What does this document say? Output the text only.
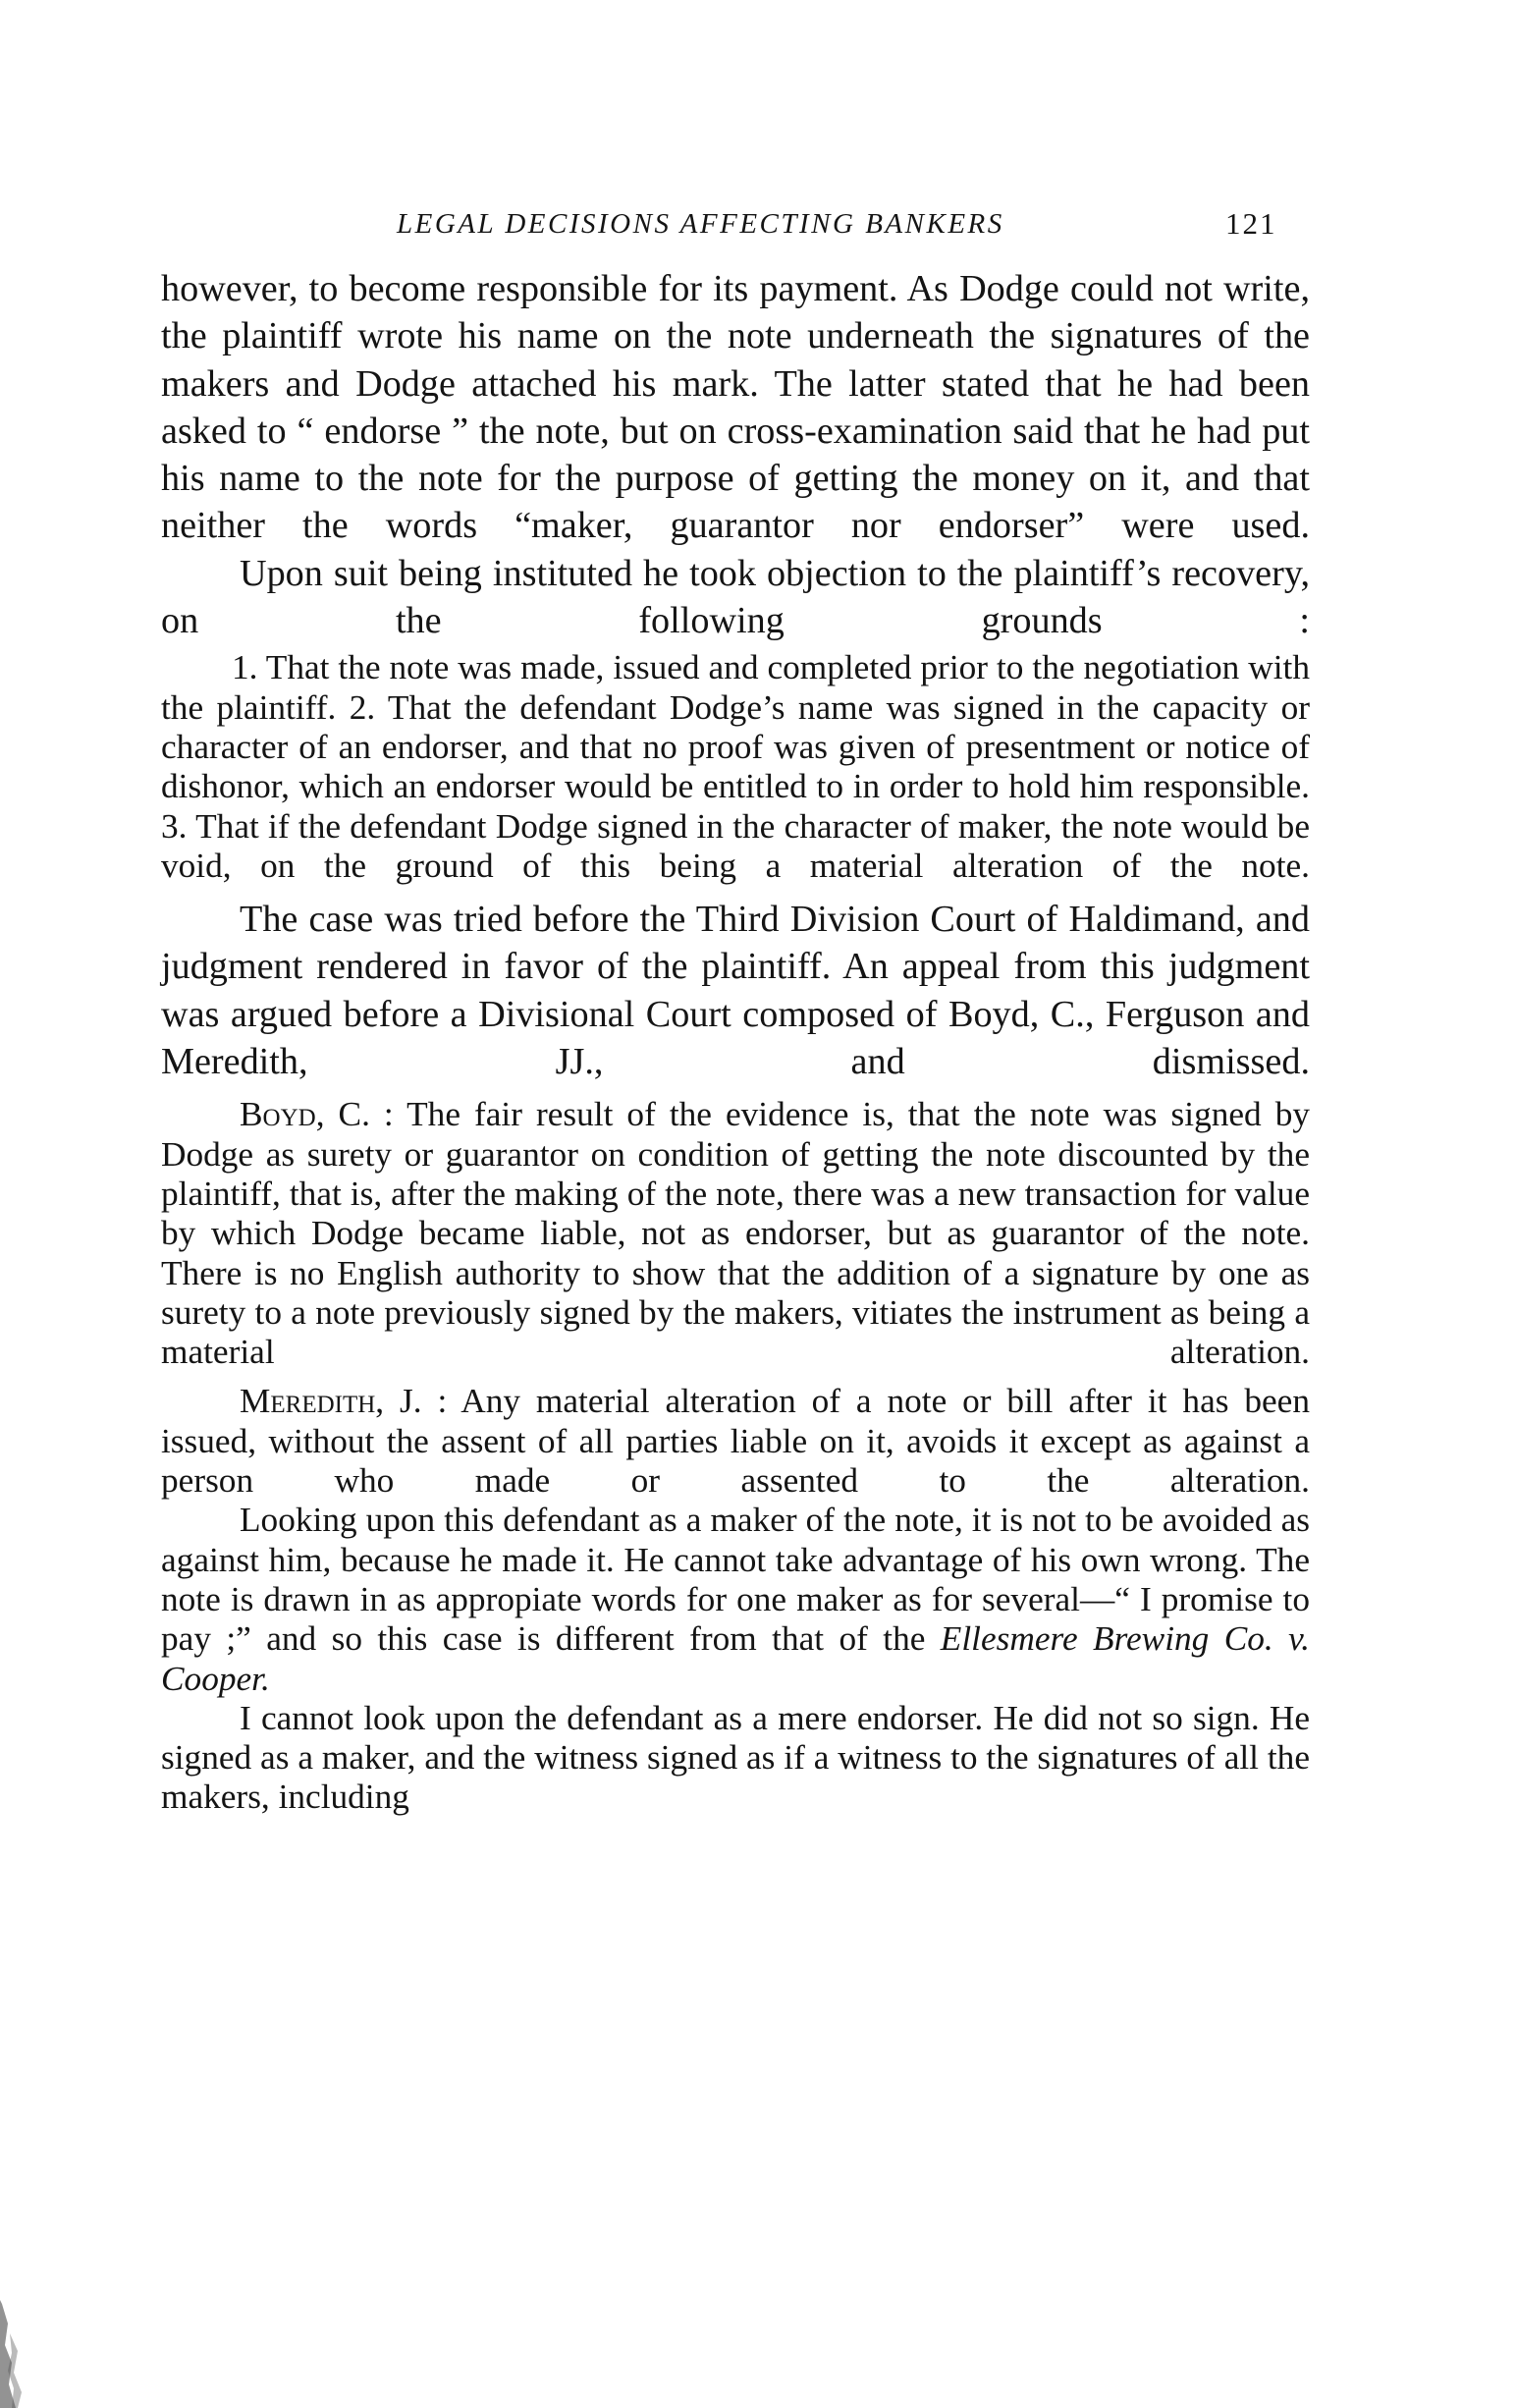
LEGAL DECISIONS AFFECTING BANKERS	121

however, to become responsible for its payment. As Dodge could not write, the plaintiff wrote his name on the note underneath the signatures of the makers and Dodge attached his mark. The latter stated that he had been asked to “ endorse ” the note, but on cross-examination said that he had put his name to the note for the purpose of getting the money on it, and that neither the words “maker, guarantor nor endorser” were used.

Upon suit being instituted he took objection to the plaintiff’s recovery, on the following grounds :

1. That the note was made, issued and completed prior to the negotiation with the plaintiff. 2. That the defendant Dodge’s name was signed in the capacity or character of an endorser, and that no proof was given of presentment or notice of dishonor, which an endorser would be entitled to in order to hold him responsible. 3. That if the defendant Dodge signed in the character of maker, the note would be void, on the ground of this being a material alteration of the note.

The case was tried before the Third Division Court of Haldimand, and judgment rendered in favor of the plaintiff. An appeal from this judgment was argued before a Divisional Court composed of Boyd, C., Ferguson and Meredith, JJ., and dismissed.

Boyd, C. : The fair result of the evidence is, that the note was signed by Dodge as surety or guarantor on condition of getting the note discounted by the plaintiff, that is, after the making of the note, there was a new transaction for value by which Dodge became liable, not as endorser, but as guarantor of the note. There is no English authority to show that the addition of a signature by one as surety to a note previously signed by the makers, vitiates the instrument as being a material alteration.

Meredith, J. : Any material alteration of a note or bill after it has been issued, without the assent of all parties liable on it, avoids it except as against a person who made or assented to the alteration.

Looking upon this defendant as a maker of the note, it is not to be avoided as against him, because he made it. He cannot take advantage of his own wrong. The note is drawn in as appropiate words for one maker as for several—“ I promise to pay ;” and so this case is different from that of the Ellesmere Brewing Co. v. Cooper.

I cannot look upon the defendant as a mere endorser. He did not so sign. He signed as a maker, and the witness signed as if a witness to the signatures of all the makers, including
